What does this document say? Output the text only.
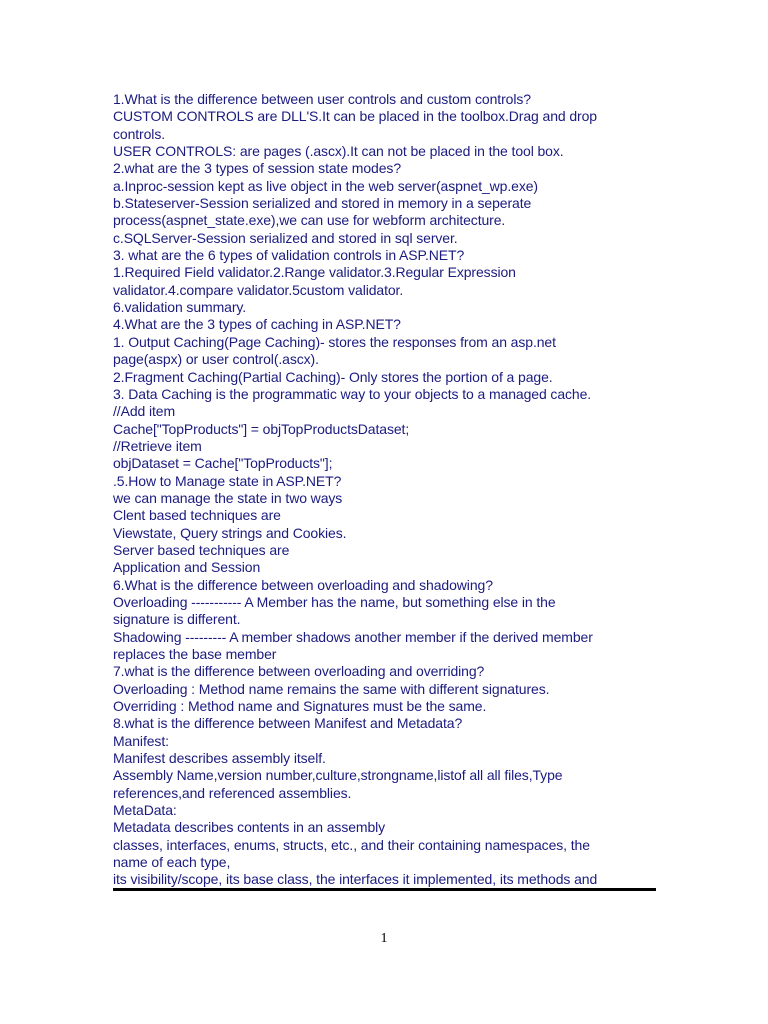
1.What is the difference between user controls and custom controls?
CUSTOM CONTROLS are DLL'S.It can be placed in the toolbox.Drag and drop
controls.
USER CONTROLS: are pages (.ascx).It can not be placed in the tool box.
2.what are the 3 types of session state modes?
a.Inproc-session kept as live object in the web server(aspnet_wp.exe)
b.Stateserver-Session serialized and stored in memory in a seperate
process(aspnet_state.exe),we can use for webform architecture.
c.SQLServer-Session serialized and stored in sql server.
3. what are the 6 types of validation controls in ASP.NET?
1.Required Field validator.2.Range validator.3.Regular Expression
validator.4.compare validator.5custom validator.
6.validation summary.
4.What are the 3 types of caching in ASP.NET?
1. Output Caching(Page Caching)- stores the responses from an asp.net
page(aspx) or user control(.ascx).
2.Fragment Caching(Partial Caching)- Only stores the portion of a page.
3. Data Caching is the programmatic way to your objects to a managed cache.
//Add item
Cache["TopProducts"] = objTopProductsDataset;
//Retrieve item
objDataset = Cache["TopProducts"];
.5.How to Manage state in ASP.NET?
we can manage the state in two ways
Clent based techniques are
Viewstate, Query strings and Cookies.
Server based techniques are
Application and Session
6.What is the difference between overloading and shadowing?
Overloading ----------- A Member has the name, but something else in the
signature is different.
Shadowing --------- A member shadows another member if the derived member
replaces the base member
7.what is the difference between overloading and overriding?
Overloading : Method name remains the same with different signatures.
Overriding : Method name and Signatures must be the same.
8.what is the difference between Manifest and Metadata?
Manifest:
Manifest describes assembly itself.
Assembly Name,version number,culture,strongname,listof all all files,Type
references,and referenced assemblies.
MetaData:
Metadata describes contents in an assembly
classes, interfaces, enums, structs, etc., and their containing namespaces, the
name of each type,
its visibility/scope, its base class, the interfaces it implemented, its methods and
1
